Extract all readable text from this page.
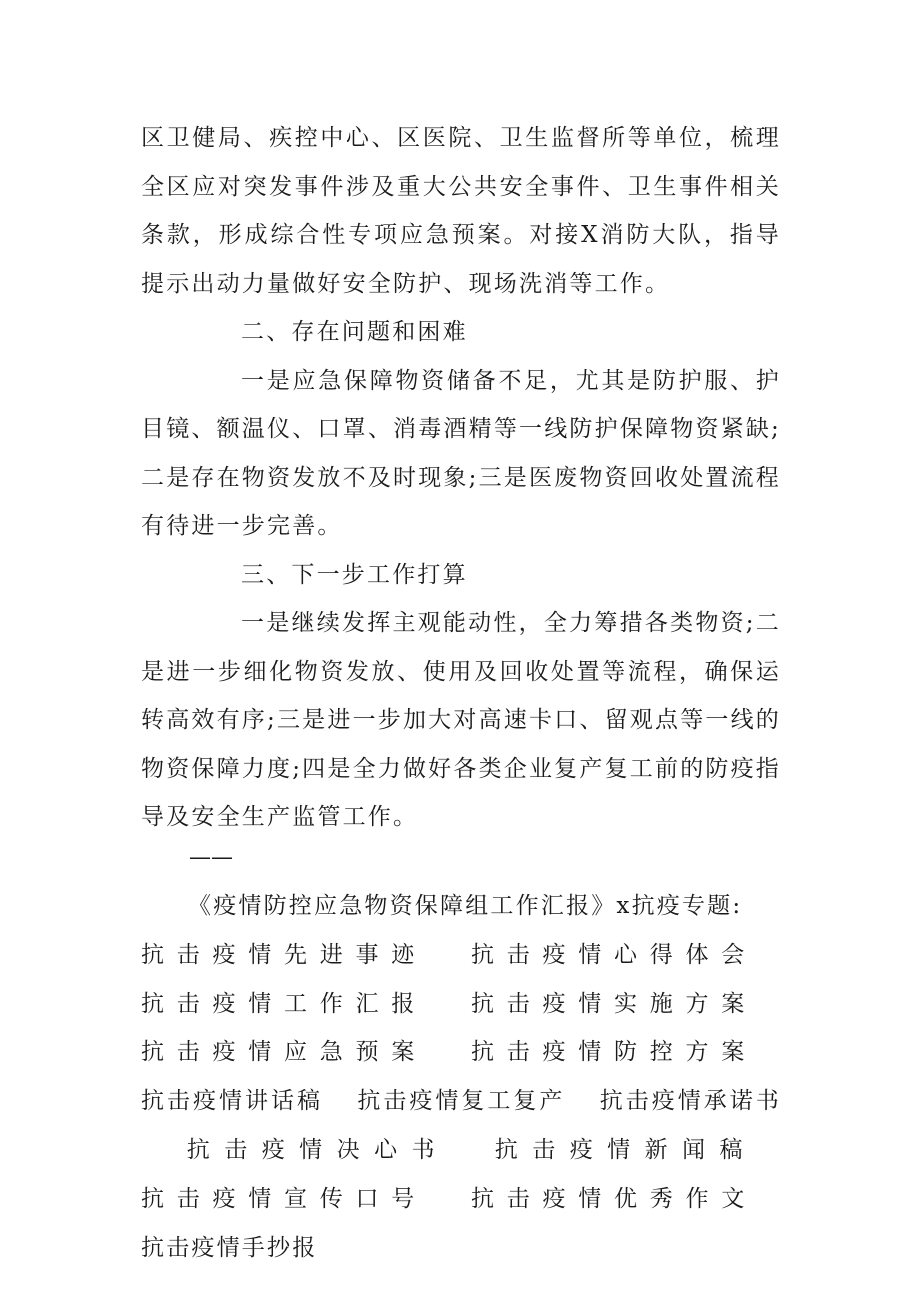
区卫健局、疾控中心、区医院、卫生监督所等单位，梳理全区应对突发事件涉及重大公共安全事件、卫生事件相关条款，形成综合性专项应急预案。对接X消防大队，指导提示出动力量做好安全防护、现场洗消等工作。

二、存在问题和困难

一是应急保障物资储备不足，尤其是防护服、护目镜、额温仪、口罩、消毒酒精等一线防护保障物资紧缺;二是存在物资发放不及时现象;三是医废物资回收处置流程有待进一步完善。

三、下一步工作打算

一是继续发挥主观能动性，全力筹措各类物资;二是进一步细化物资发放、使用及回收处置等流程，确保运转高效有序;三是进一步加大对高速卡口、留观点等一线的物资保障力度;四是全力做好各类企业复产复工前的防疫指导及安全生产监管工作。

——

《疫情防控应急物资保障组工作汇报》x抗疫专题:

抗击疫情先进事迹 抗击疫情心得体会 抗击疫情工作汇报 抗击疫情实施方案 抗击疫情应急预案 抗击疫情防控方案 抗击疫情讲话稿 抗击疫情复工复产 抗击疫情承诺书 抗击疫情决心书 抗击疫情新闻稿 抗击疫情宣传口号 抗击疫情优秀作文 抗击疫情手抄报
